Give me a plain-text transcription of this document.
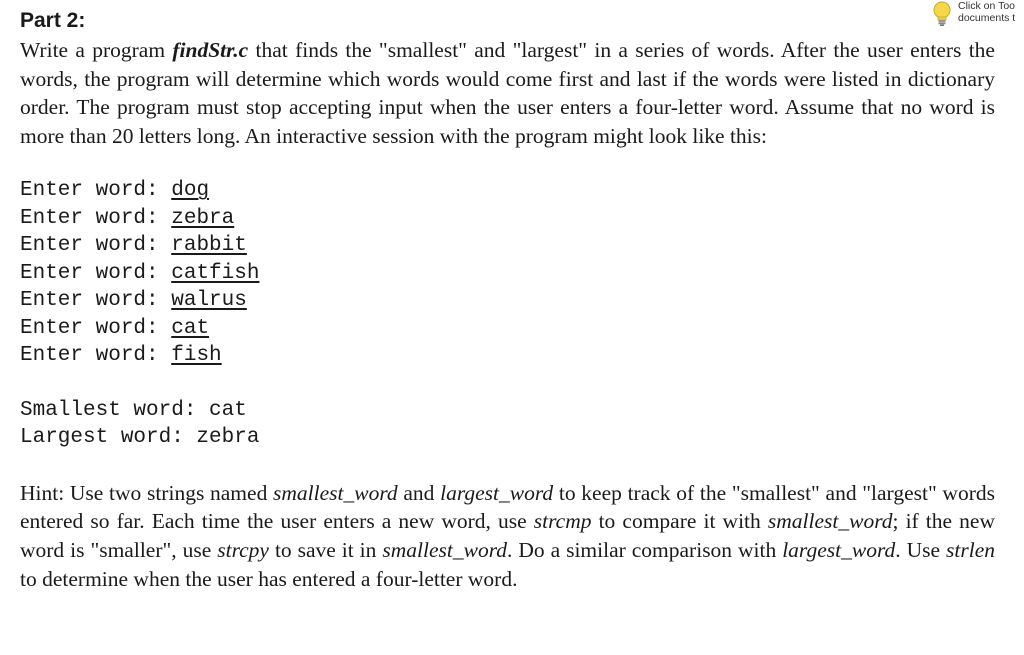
Click on Too
documents t
Part 2:

Write a program findStr.c that finds the "smallest" and "largest" in a series of words. After the user enters the words, the program will determine which words would come first and last if the words were listed in dictionary order. The program must stop accepting input when the user enters a four-letter word. Assume that no word is more than 20 letters long. An interactive session with the program might look like this:

Enter word: dog
Enter word: zebra
Enter word: rabbit
Enter word: catfish
Enter word: walrus
Enter word: cat
Enter word: fish
Smallest word: cat
Largest word: zebra

Hint: Use two strings named smallest_word and largest_word to keep track of the "smallest" and "largest" words entered so far. Each time the user enters a new word, use strcmp to compare it with smallest_word; if the new word is "smaller", use strcpy to save it in smallest_word. Do a similar comparison with largest_word. Use strlen to determine when the user has entered a four-letter word.
